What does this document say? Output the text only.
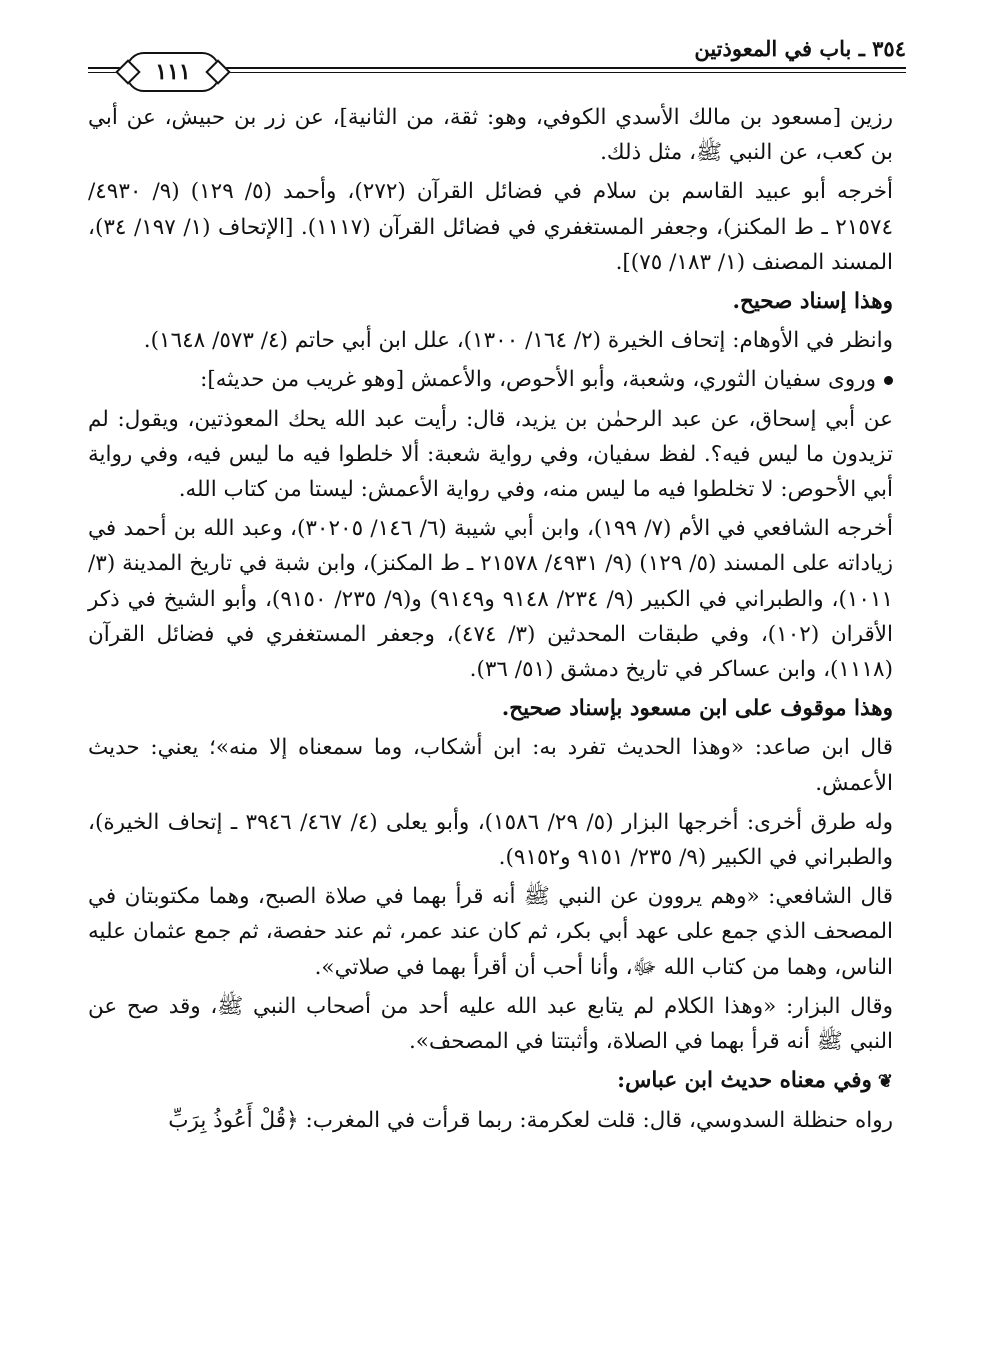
٣٥٤ ـ باب في المعوذتين
١١١

رزين [مسعود بن مالك الأسدي الكوفي، وهو: ثقة، من الثانية]، عن زر بن حبيش، عن أبي بن كعب، عن النبي ﷺ، مثل ذلك.

أخرجه أبو عبيد القاسم بن سلام في فضائل القرآن (٢٧٢)، وأحمد (٥/ ١٢٩) (٩/ ٤٩٣٠/ ٢١٥٧٤ ـ ط المكنز)، وجعفر المستغفري في فضائل القرآن (١١١٧). [الإتحاف (١/ ١٩٧/ ٣٤)، المسند المصنف (١/ ١٨٣/ ٧٥)].

وهذا إسناد صحيح.

وانظر في الأوهام: إتحاف الخيرة (٢/ ١٦٤/ ١٣٠٠)، علل ابن أبي حاتم (٤/ ٥٧٣/ ١٦٤٨).

وروى سفيان الثوري، وشعبة، وأبو الأحوص، والأعمش [وهو غريب من حديثه]:

عن أبي إسحاق، عن عبد الرحمٰن بن يزيد، قال: رأيت عبد الله يحك المعوذتين، ويقول: لم تزيدون ما ليس فيه؟. لفظ سفيان، وفي رواية شعبة: ألا خلطوا فيه ما ليس فيه، وفي رواية أبي الأحوص: لا تخلطوا فيه ما ليس منه، وفي رواية الأعمش: ليستا من كتاب الله.

أخرجه الشافعي في الأم (٧/ ١٩٩)، وابن أبي شيبة (٦/ ١٤٦/ ٣٠٢٠٥)، وعبد الله بن أحمد في زياداته على المسند (٥/ ١٢٩) (٩/ ٤٩٣١/ ٢١٥٧٨ ـ ط المكنز)، وابن شبة في تاريخ المدينة (٣/ ١٠١١)، والطبراني في الكبير (٩/ ٢٣٤/ ٩١٤٨ و٩١٤٩) و(٩/ ٢٣٥/ ٩١٥٠)، وأبو الشيخ في ذكر الأقران (١٠٢)، وفي طبقات المحدثين (٣/ ٤٧٤)، وجعفر المستغفري في فضائل القرآن (١١١٨)، وابن عساكر في تاريخ دمشق (٥١/ ٣٦).

وهذا موقوف على ابن مسعود بإسناد صحيح.

قال ابن صاعد: «وهذا الحديث تفرد به: ابن أشكاب، وما سمعناه إلا منه»؛ يعني: حديث الأعمش.

وله طرق أخرى: أخرجها البزار (٥/ ٢٩/ ١٥٨٦)، وأبو يعلى (٤/ ٤٦٧/ ٣٩٤٦ ـ إتحاف الخيرة)، والطبراني في الكبير (٩/ ٢٣٥/ ٩١٥١ و٩١٥٢).

قال الشافعي: «وهم يروون عن النبي ﷺ أنه قرأ بهما في صلاة الصبح، وهما مكتوبتان في المصحف الذي جمع على عهد أبي بكر، ثم كان عند عمر، ثم عند حفصة، ثم جمع عثمان عليه الناس، وهما من كتاب الله ﷻ، وأنا أحب أن أقرأ بهما في صلاتي».

وقال البزار: «وهذا الكلام لم يتابع عبد الله عليه أحد من أصحاب النبي ﷺ، وقد صح عن النبي ﷺ أنه قرأ بهما في الصلاة، وأثبتتا في المصحف».

❦وفي معناه حديث ابن عباس:

رواه حنظلة السدوسي، قال: قلت لعكرمة: ربما قرأت في المغرب: ﴿قُلْ أَعُوذُ بِرَبِّ
